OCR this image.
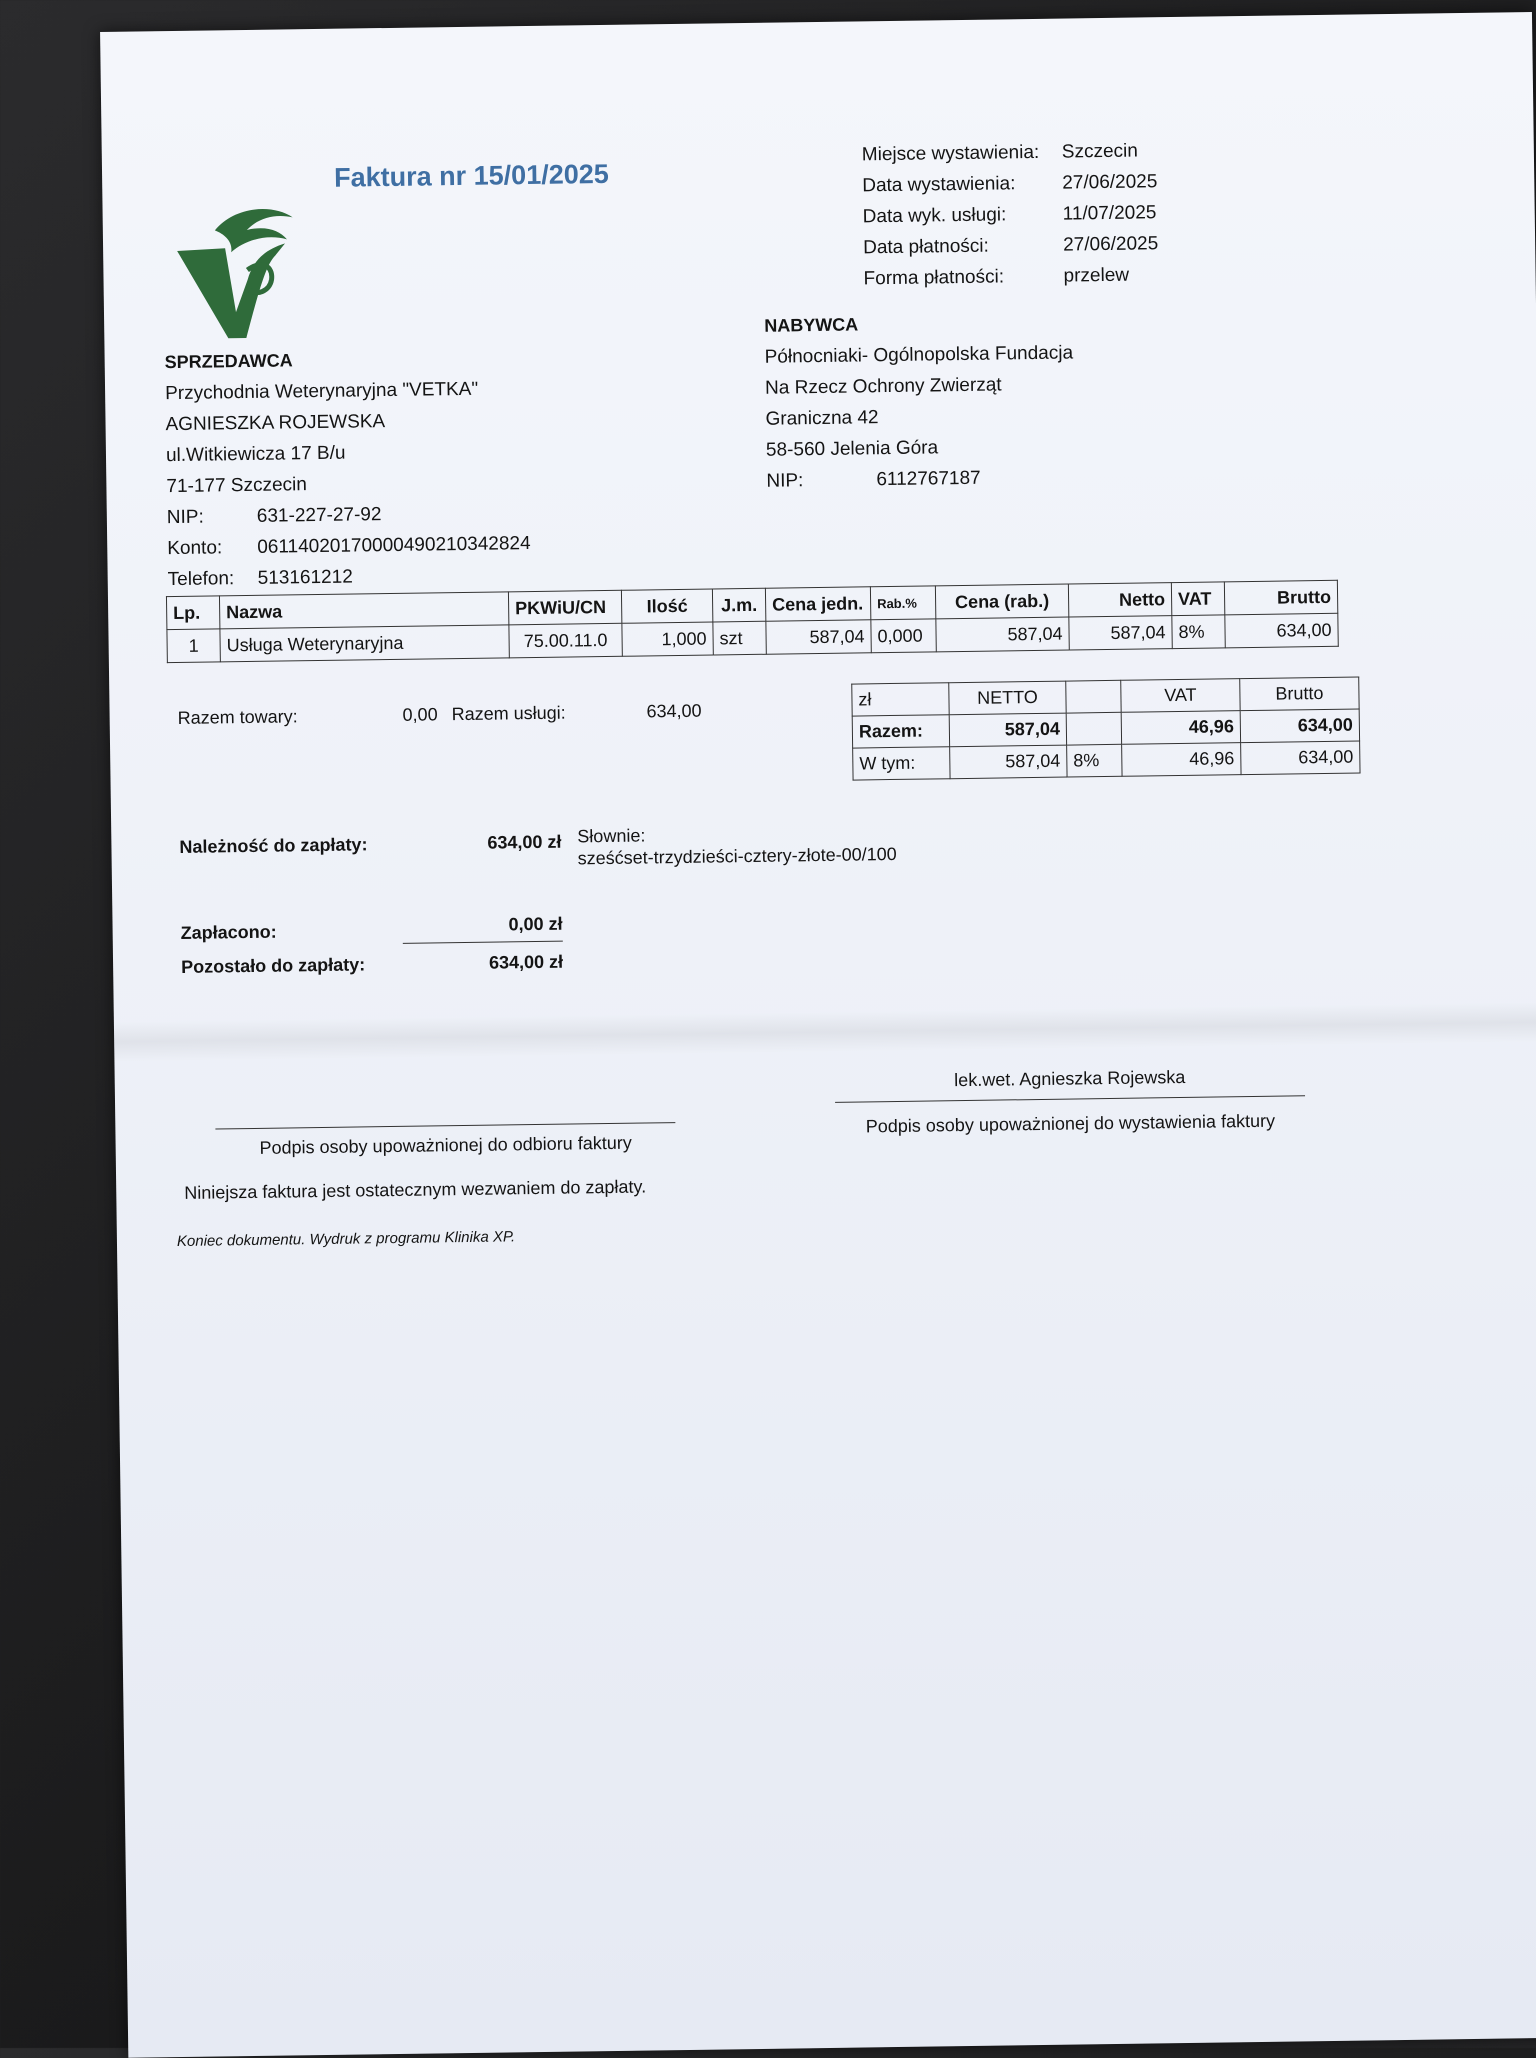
Faktura nr 15/01/2025
Miejsce wystawienia:	Szczecin
Data wystawienia:	27/06/2025
Data wyk. usługi:	11/07/2025
Data płatności:	27/06/2025
Forma płatności:	przelew
NABYWCA
Północniaki- Ogólnopolska Fundacja
Na Rzecz Ochrony Zwierząt
Graniczna 42
58-560 Jelenia Góra
NIP:	6112767187
SPRZEDAWCA
Przychodnia Weterynaryjna "VETKA"
AGNIESZKA ROJEWSKA
ul.Witkiewicza 17 B/u
71-177 Szczecin
NIP:	631-227-27-92
Konto:	06114020170000490210342824
Telefon:	513161212
Lp.	Nazwa	PKWiU/CN	Ilość	J.m.	Cena jedn.	Rab.%	Cena (rab.)	Netto	VAT	Brutto
1	Usługa Weterynaryjna	75.00.11.0	1,000	szt	587,04	0,000	587,04	587,04	8%	634,00
Razem towary:	0,00 Razem usługi:	634,00
zł	NETTO		VAT	Brutto
Razem:	587,04		46,96	634,00
W tym:	587,04	8%	46,96	634,00
Należność do zapłaty:	634,00 zł Słownie:
sześćset-trzydzieści-cztery-złote-00/100
Zapłacono:	0,00 zł
Pozostało do zapłaty:	634,00 zł
lek.wet. Agnieszka Rojewska
Podpis osoby upoważnionej do wystawienia faktury
Podpis osoby upoważnionej do odbioru faktury
Niniejsza faktura jest ostatecznym wezwaniem do zapłaty.
Koniec dokumentu. Wydruk z programu Klinika XP.
